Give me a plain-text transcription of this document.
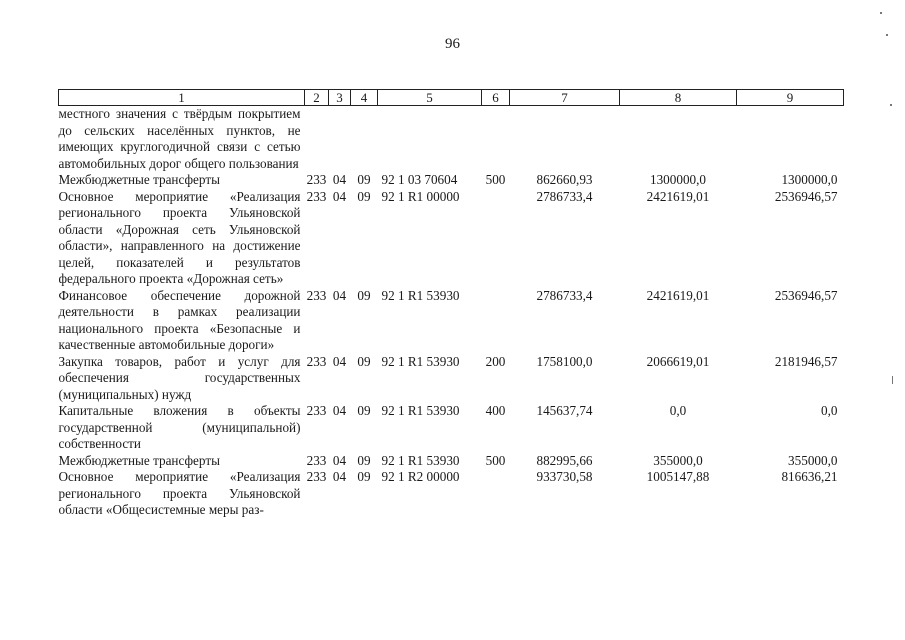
96
1	2	3	4	5	6	7	8	9
местного значения с твёрдым покрытием до сельских населённых пунктов, не имеющих круглогодичной связи с сетью автомобильных дорог общего пользования								
Межбюджетные трансферты	233	04	09	92 1 03 70604	500	862660,93	1300000,0	1300000,0
Основное мероприятие «Реализация регионального проекта Ульяновской области «Дорожная сеть Ульяновской области», направленного на достижение целей, показателей и результатов федерального проекта «Дорожная сеть»	233	04	09	92 1 R1 00000		2786733,4	2421619,01	2536946,57
Финансовое обеспечение дорожной деятельности в рамках реализации национального проекта «Безопасные и качественные автомобильные дороги»	233	04	09	92 1 R1 53930		2786733,4	2421619,01	2536946,57
Закупка товаров, работ и услуг для обеспечения государственных (муниципальных) нужд	233	04	09	92 1 R1 53930	200	1758100,0	2066619,01	2181946,57
Капитальные вложения в объекты государственной (муниципальной) собственности	233	04	09	92 1 R1 53930	400	145637,74	0,0	0,0
Межбюджетные трансферты	233	04	09	92 1 R1 53930	500	882995,66	355000,0	355000,0
Основное мероприятие «Реализация регионального проекта Ульяновской области «Общесистемные меры раз-	233	04	09	92 1 R2 00000		933730,58	1005147,88	816636,21
